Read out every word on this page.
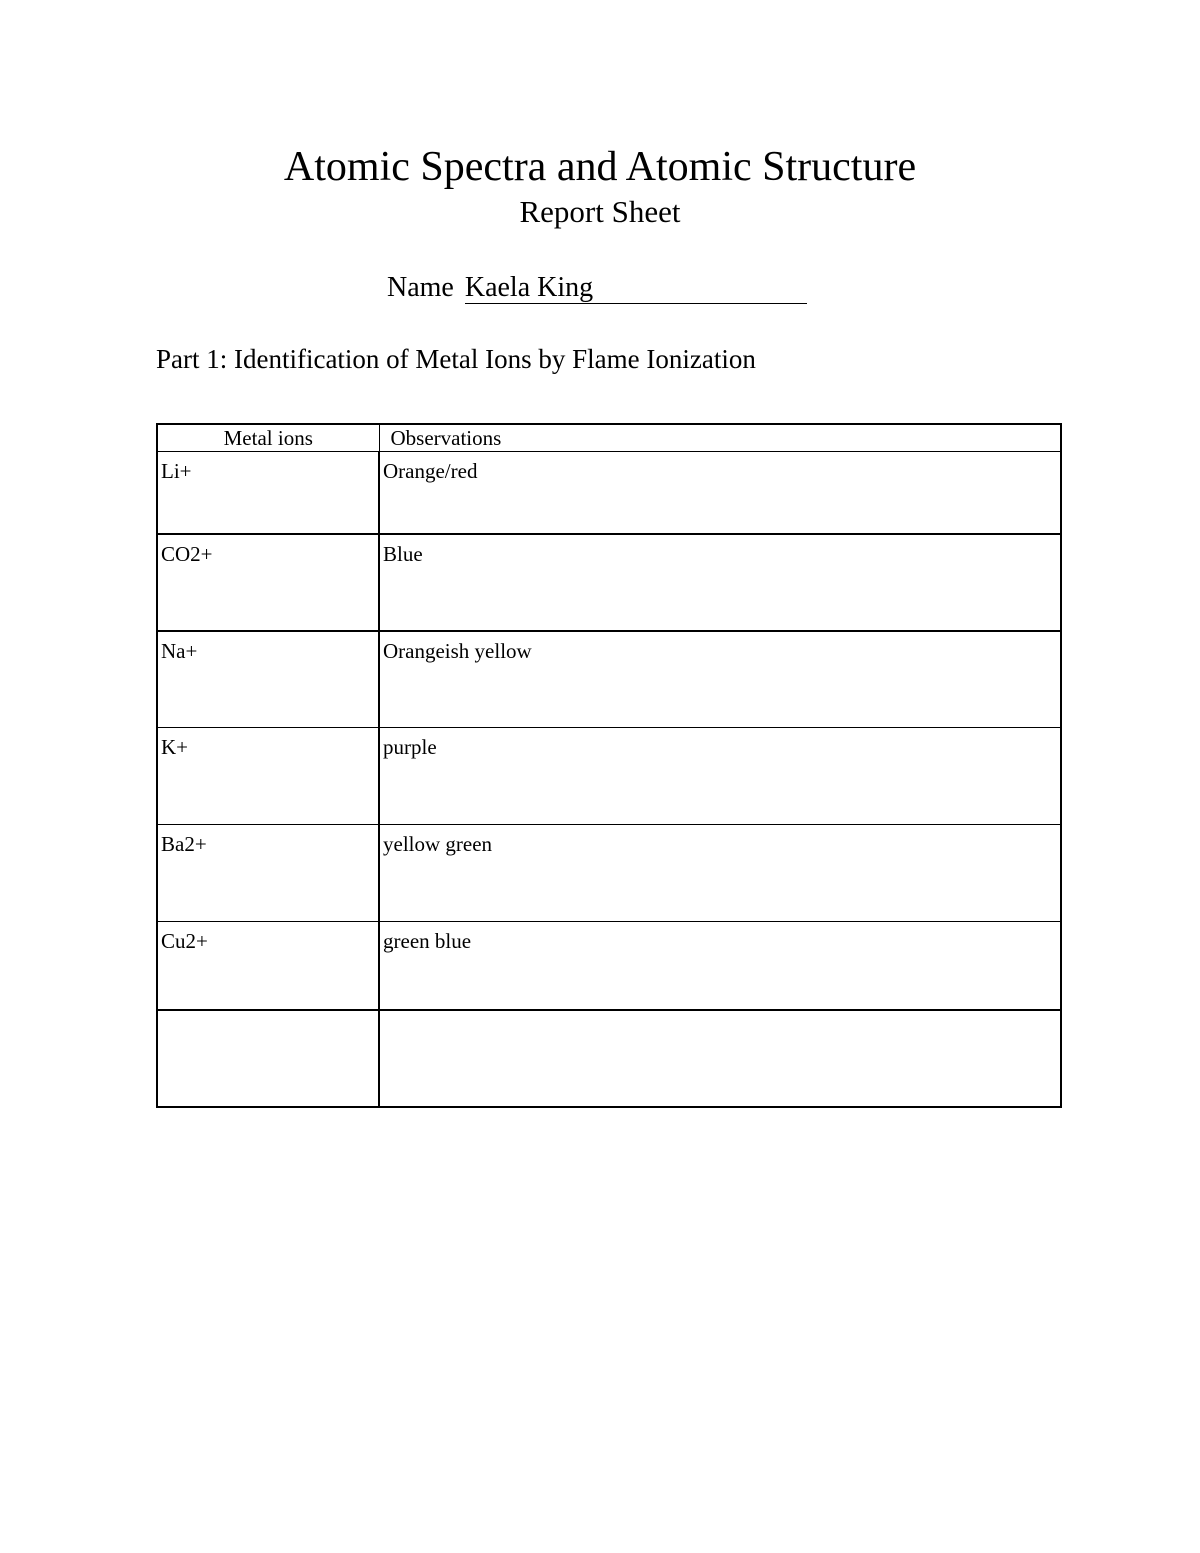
Atomic Spectra and Atomic Structure
Report Sheet
Name Kaela King
Part 1: Identification of Metal Ions by Flame Ionization
Metal ions	Observations
Li+	Orange/red
CO2+	Blue
Na+	Orangeish yellow
K+	purple
Ba2+	yellow green
Cu2+	green blue
